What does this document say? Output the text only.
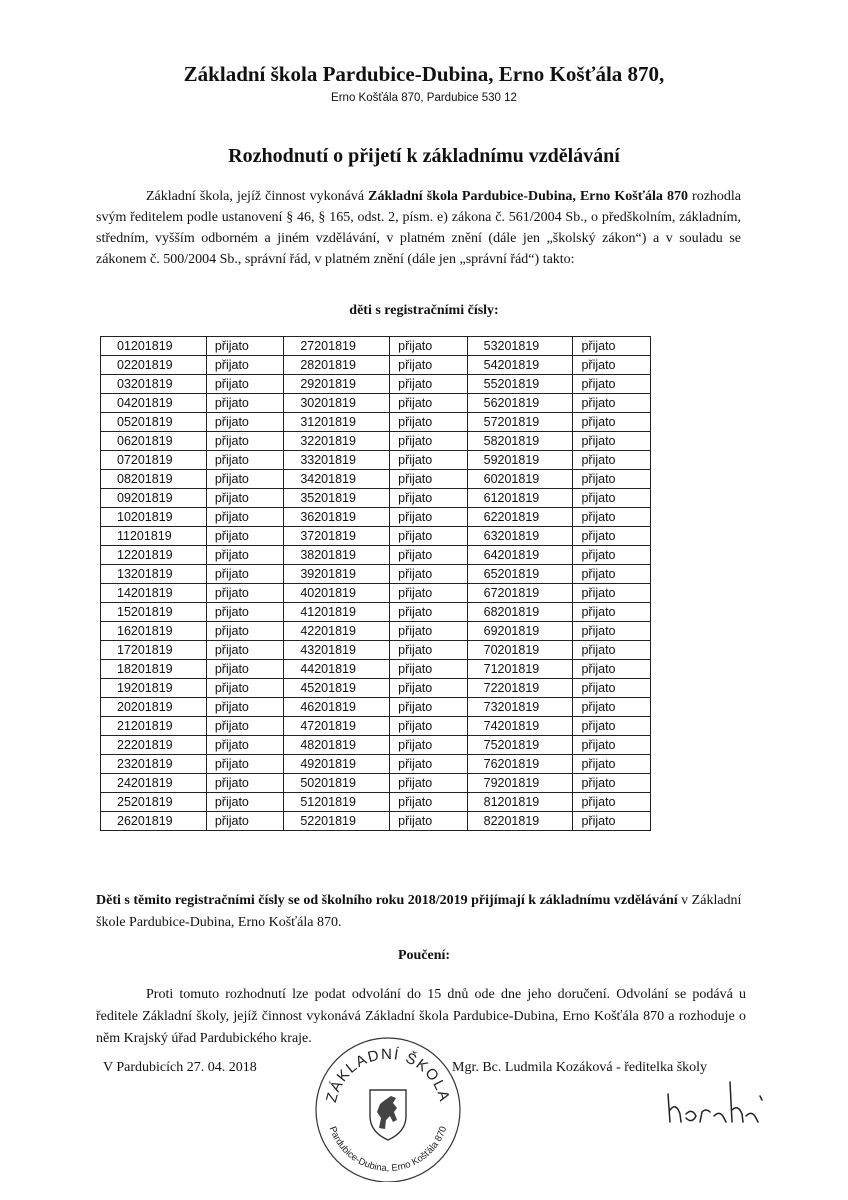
Základní škola Pardubice-Dubina, Erno Košťála 870,
Erno Košťála 870, Pardubice 530 12
Rozhodnutí o přijetí k základnímu vzdělávání
Základní škola, jejíž činnost vykonává Základní škola Pardubice-Dubina, Erno Košťála 870 rozhodla svým ředitelem podle ustanovení § 46, § 165, odst. 2, písm. e) zákona č. 561/2004 Sb., o předškolním, základním, středním, vyšším odborném a jiném vzdělávání, v platném znění (dále jen „školský zákon“) a v souladu se zákonem č. 500/2004 Sb., správní řád, v platném znění (dále jen „správní řád“) takto:
děti s registračními čísly:
01201819	přijato	27201819	přijato	53201819	přijato
02201819	přijato	28201819	přijato	54201819	přijato
03201819	přijato	29201819	přijato	55201819	přijato
04201819	přijato	30201819	přijato	56201819	přijato
05201819	přijato	31201819	přijato	57201819	přijato
06201819	přijato	32201819	přijato	58201819	přijato
07201819	přijato	33201819	přijato	59201819	přijato
08201819	přijato	34201819	přijato	60201819	přijato
09201819	přijato	35201819	přijato	61201819	přijato
10201819	přijato	36201819	přijato	62201819	přijato
11201819	přijato	37201819	přijato	63201819	přijato
12201819	přijato	38201819	přijato	64201819	přijato
13201819	přijato	39201819	přijato	65201819	přijato
14201819	přijato	40201819	přijato	67201819	přijato
15201819	přijato	41201819	přijato	68201819	přijato
16201819	přijato	42201819	přijato	69201819	přijato
17201819	přijato	43201819	přijato	70201819	přijato
18201819	přijato	44201819	přijato	71201819	přijato
19201819	přijato	45201819	přijato	72201819	přijato
20201819	přijato	46201819	přijato	73201819	přijato
21201819	přijato	47201819	přijato	74201819	přijato
22201819	přijato	48201819	přijato	75201819	přijato
23201819	přijato	49201819	přijato	76201819	přijato
24201819	přijato	50201819	přijato	79201819	přijato
25201819	přijato	51201819	přijato	81201819	přijato
26201819	přijato	52201819	přijato	82201819	přijato
Děti s těmito registračními čísly se od školního roku 2018/2019 přijímají k základnímu vzdělávání v Základní škole Pardubice-Dubina, Erno Košťála 870.
Poučení:
Proti tomuto rozhodnutí lze podat odvolání do 15 dnů ode dne jeho doručení. Odvolání se podává u ředitele Základní školy, jejíž činnost vykonává Základní škola Pardubice-Dubina, Erno Košťála 870 a rozhoduje o něm Krajský úřad Pardubického kraje.
V Pardubicích 27. 04. 2018	Mgr. Bc. Ludmila Kozáková - ředitelka školy
ZÁKLADNÍ ŠKOLA
Pardubice-Dubina, Erno Košťála 870
